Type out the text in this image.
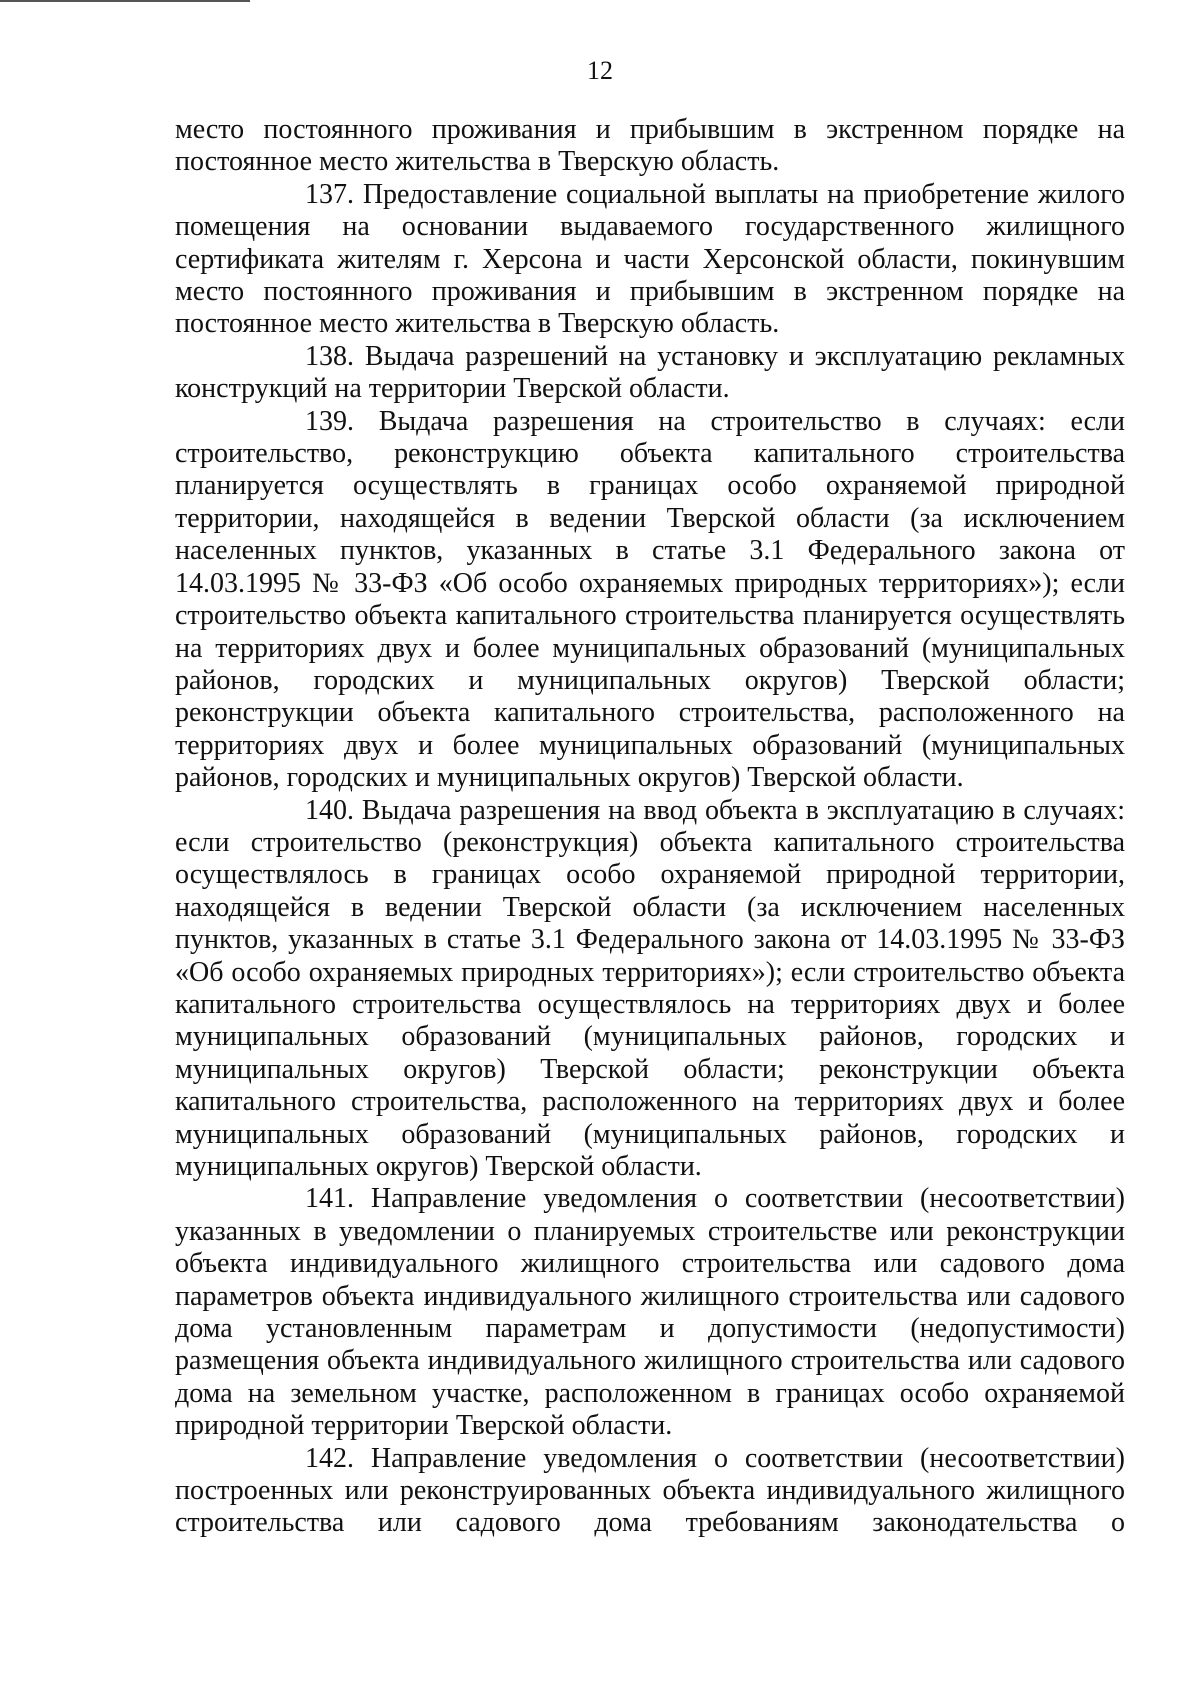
12

место постоянного проживания и прибывшим в экстренном порядке на постоянное место жительства в Тверскую область.

137. Предоставление социальной выплаты на приобретение жилого помещения на основании выдаваемого государственного жилищного сертификата жителям г. Херсона и части Херсонской области, покинувшим место постоянного проживания и прибывшим в экстренном порядке на постоянное место жительства в Тверскую область.

138. Выдача разрешений на установку и эксплуатацию рекламных конструкций на территории Тверской области.

139. Выдача разрешения на строительство в случаях: если строительство, реконструкцию объекта капитального строительства планируется осуществлять в границах особо охраняемой природной территории, находящейся в ведении Тверской области (за исключением населенных пунктов, указанных в статье 3.1 Федерального закона от 14.03.1995 № 33-ФЗ «Об особо охраняемых природных территориях»); если строительство объекта капитального строительства планируется осуществлять на территориях двух и более муниципальных образований (муниципальных районов, городских и муниципальных округов) Тверской области; реконструкции объекта капитального строительства, расположенного на территориях двух и более муниципальных образований (муниципальных районов, городских и муниципальных округов) Тверской области.

140. Выдача разрешения на ввод объекта в эксплуатацию в случаях: если строительство (реконструкция) объекта капитального строительства осуществлялось в границах особо охраняемой природной территории, находящейся в ведении Тверской области (за исключением населенных пунктов, указанных в статье 3.1 Федерального закона от 14.03.1995 № 33-ФЗ «Об особо охраняемых природных территориях»); если строительство объекта капитального строительства осуществлялось на территориях двух и более муниципальных образований (муниципальных районов, городских и муниципальных округов) Тверской области; реконструкции объекта капитального строительства, расположенного на территориях двух и более муниципальных образований (муниципальных районов, городских и муниципальных округов) Тверской области.

141. Направление уведомления о соответствии (несоответствии) указанных в уведомлении о планируемых строительстве или реконструкции объекта индивидуального жилищного строительства или садового дома параметров объекта индивидуального жилищного строительства или садового дома установленным параметрам и допустимости (недопустимости) размещения объекта индивидуального жилищного строительства или садового дома на земельном участке, расположенном в границах особо охраняемой природной территории Тверской области.

142. Направление уведомления о соответствии (несоответствии) построенных или реконструированных объекта индивидуального жилищного строительства или садового дома требованиям законодательства о
